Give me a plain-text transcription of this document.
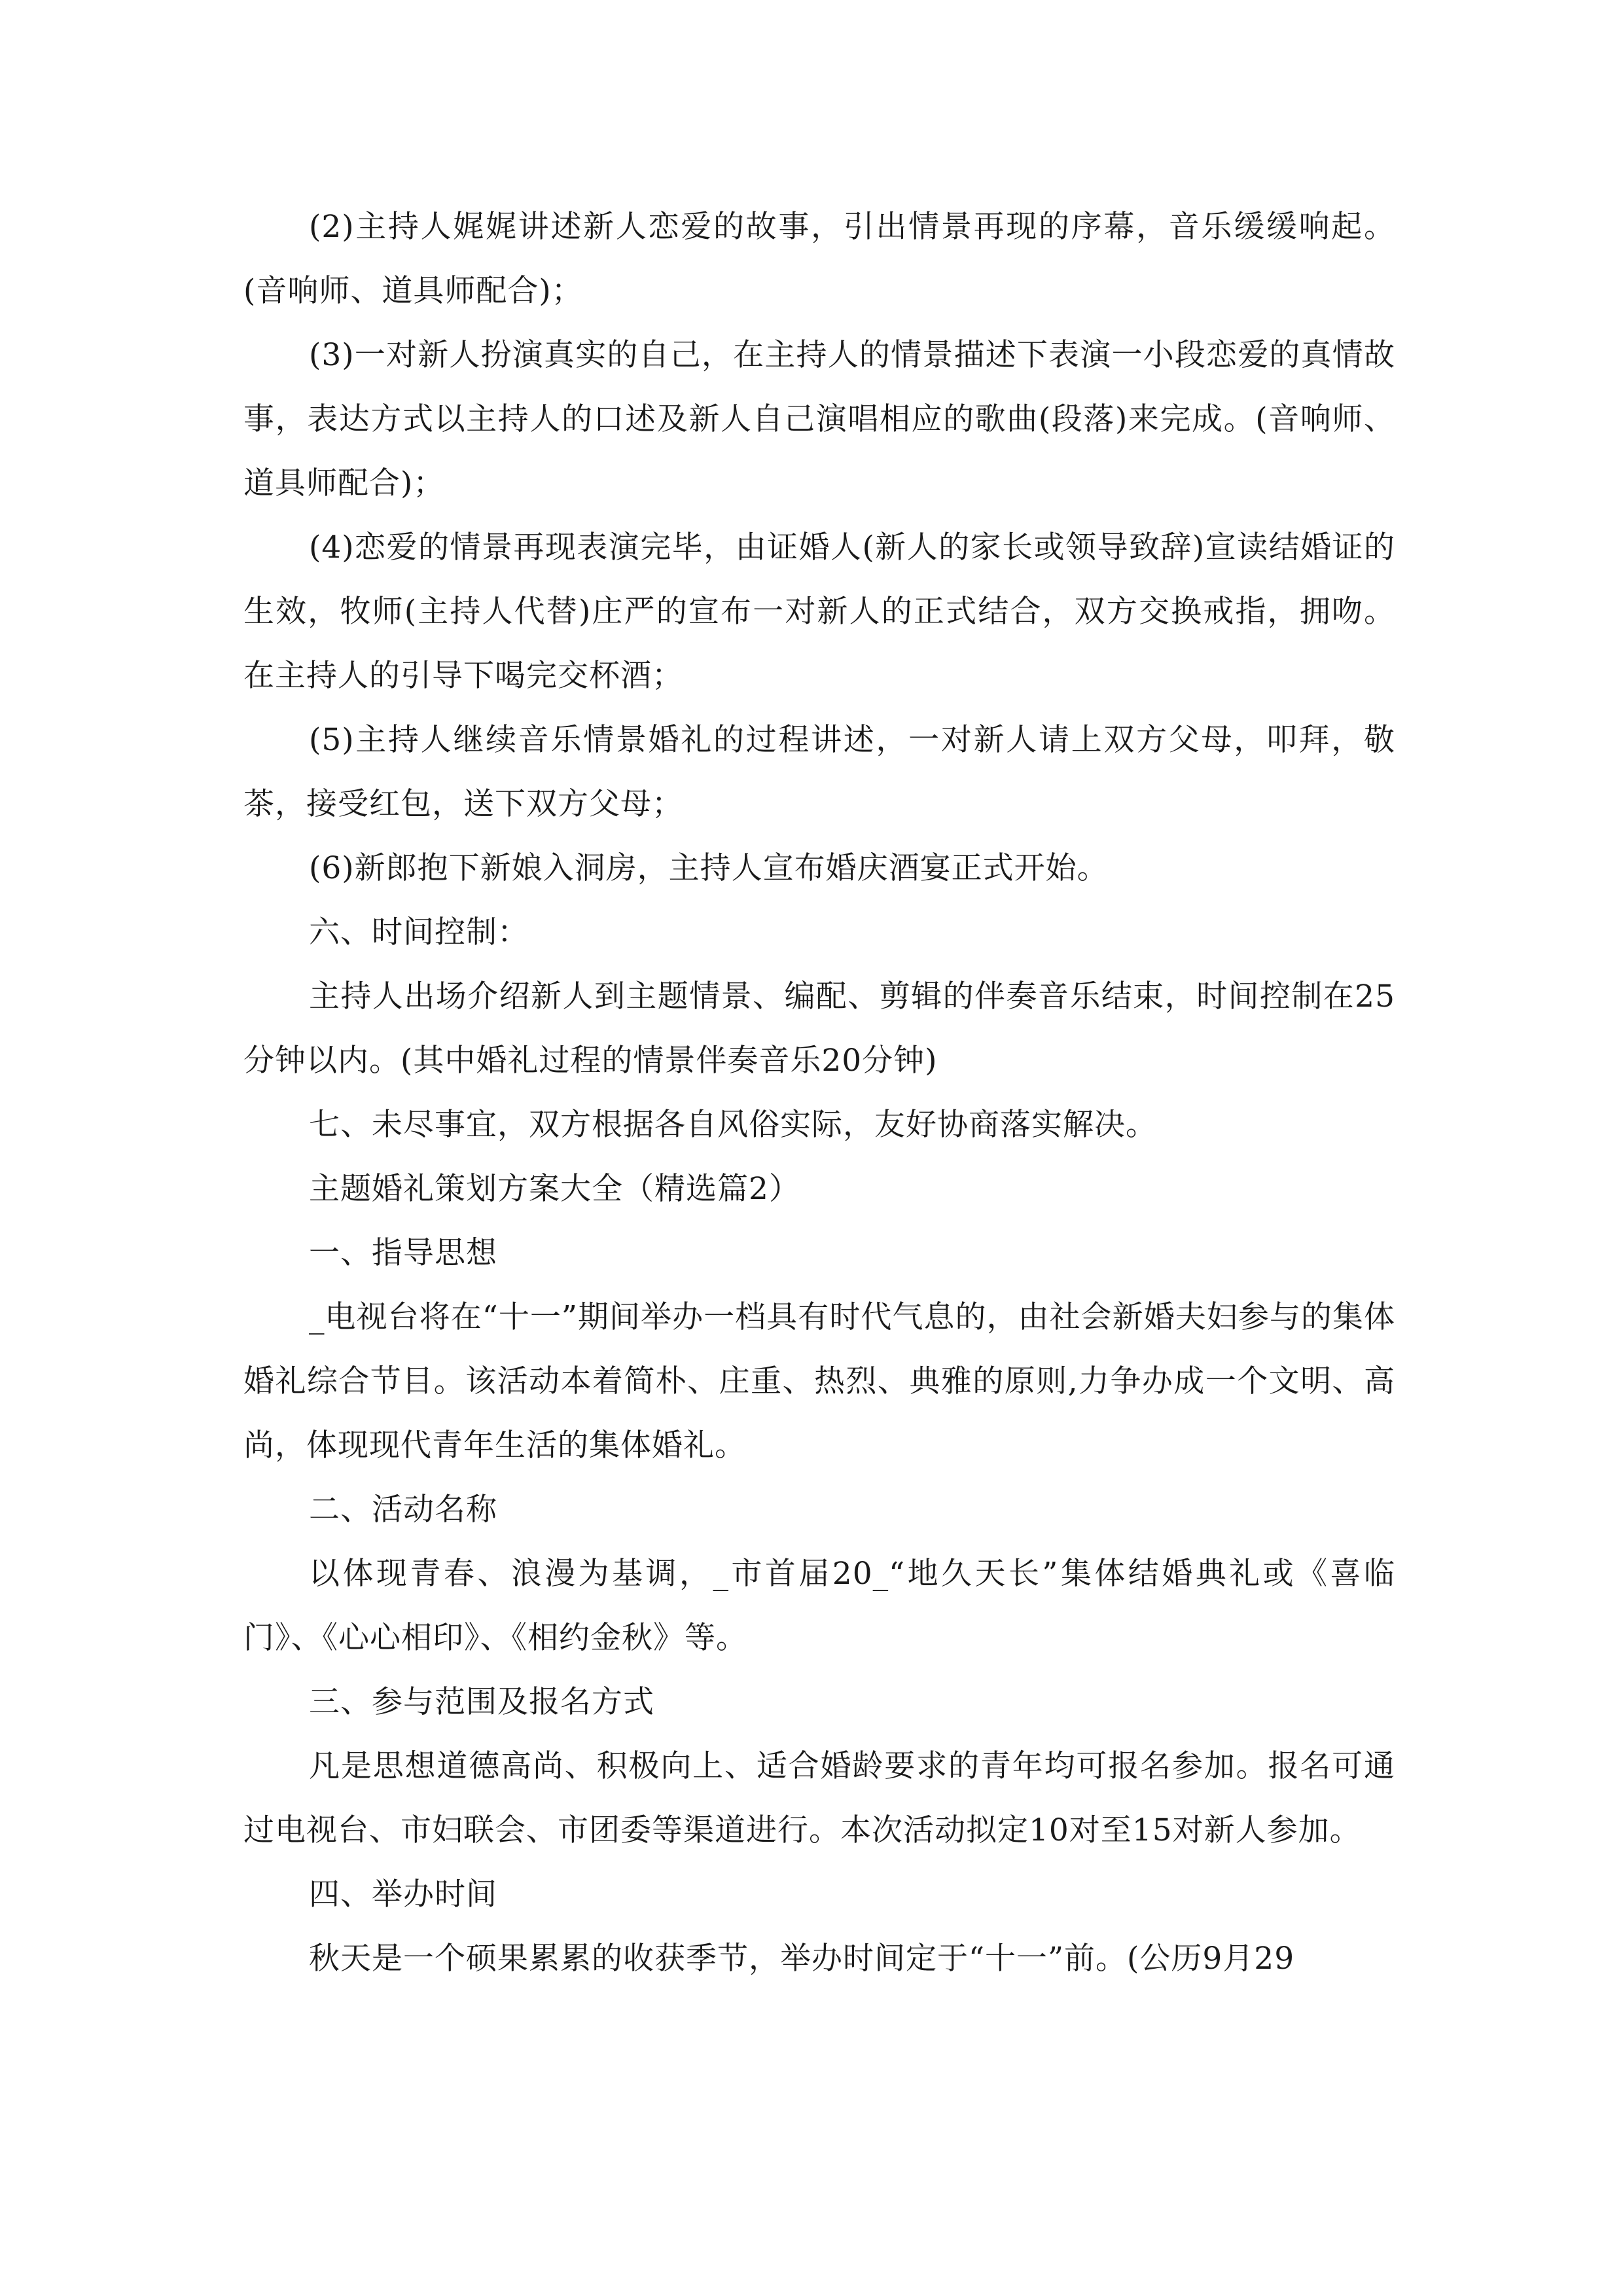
(2)主持人娓娓讲述新人恋爱的故事，引出情景再现的序幕，音乐缓缓响起。(音响师、道具师配合)；

(3)一对新人扮演真实的自己，在主持人的情景描述下表演一小段恋爱的真情故事，表达方式以主持人的口述及新人自己演唱相应的歌曲(段落)来完成。(音响师、道具师配合)；

(4)恋爱的情景再现表演完毕，由证婚人(新人的家长或领导致辞)宣读结婚证的生效，牧师(主持人代替)庄严的宣布一对新人的正式结合，双方交换戒指，拥吻。在主持人的引导下喝完交杯酒；

(5)主持人继续音乐情景婚礼的过程讲述，一对新人请上双方父母，叩拜，敬茶，接受红包，送下双方父母；

(6)新郎抱下新娘入洞房，主持人宣布婚庆酒宴正式开始。

六、时间控制：

主持人出场介绍新人到主题情景、编配、剪辑的伴奏音乐结束，时间控制在25分钟以内。(其中婚礼过程的情景伴奏音乐20分钟)

七、未尽事宜，双方根据各自风俗实际，友好协商落实解决。

主题婚礼策划方案大全（精选篇2）

一、指导思想

_电视台将在“十一”期间举办一档具有时代气息的，由社会新婚夫妇参与的集体婚礼综合节目。该活动本着简朴、庄重、热烈、典雅的原则,力争办成一个文明、高尚，体现现代青年生活的集体婚礼。

二、活动名称

以体现青春、浪漫为基调，_市首届20_“地久天长”集体结婚典礼或《喜临门》、《心心相印》、《相约金秋》等。

三、参与范围及报名方式

凡是思想道德高尚、积极向上、适合婚龄要求的青年均可报名参加。报名可通过电视台、市妇联会、市团委等渠道进行。本次活动拟定10对至15对新人参加。

四、举办时间

秋天是一个硕果累累的收获季节，举办时间定于“十一”前。(公历9月29
